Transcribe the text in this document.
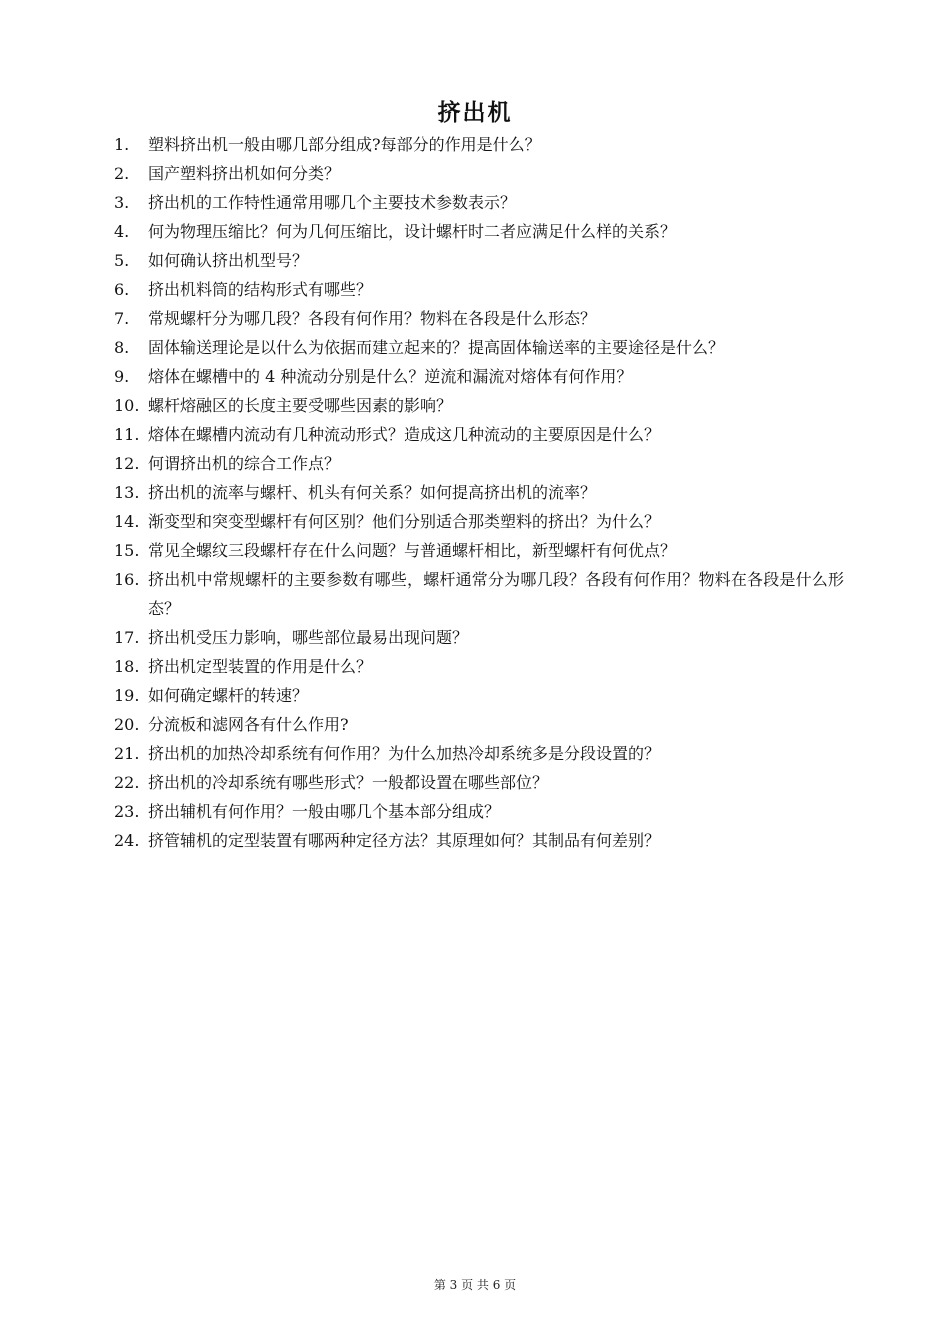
挤出机
1.	塑料挤出机一般由哪几部分组成?每部分的作用是什么？
2.	国产塑料挤出机如何分类？
3.	挤出机的工作特性通常用哪几个主要技术参数表示？
4.	何为物理压缩比？何为几何压缩比，设计螺杆时二者应满足什么样的关系？
5.	如何确认挤出机型号？
6.	挤出机料筒的结构形式有哪些？
7.	常规螺杆分为哪几段？各段有何作用？物料在各段是什么形态？
8.	固体输送理论是以什么为依据而建立起来的？提高固体输送率的主要途径是什么？
9.	熔体在螺槽中的 4 种流动分别是什么？逆流和漏流对熔体有何作用？
10. 螺杆熔融区的长度主要受哪些因素的影响？
11. 熔体在螺槽内流动有几种流动形式？造成这几种流动的主要原因是什么？
12. 何谓挤出机的综合工作点？
13. 挤出机的流率与螺杆、机头有何关系？如何提高挤出机的流率？
14. 渐变型和突变型螺杆有何区别？他们分别适合那类塑料的挤出？为什么？
15. 常见全螺纹三段螺杆存在什么问题？与普通螺杆相比，新型螺杆有何优点？
16. 挤出机中常规螺杆的主要参数有哪些，螺杆通常分为哪几段？各段有何作用？物料在各段是什么形态？
17. 挤出机受压力影响，哪些部位最易出现问题？
18. 挤出机定型装置的作用是什么？
19. 如何确定螺杆的转速？
20. 分流板和滤网各有什么作用?
21. 挤出机的加热冷却系统有何作用？为什么加热冷却系统多是分段设置的？
22. 挤出机的冷却系统有哪些形式？一般都设置在哪些部位？
23. 挤出辅机有何作用？一般由哪几个基本部分组成？
24. 挤管辅机的定型装置有哪两种定径方法？其原理如何？其制品有何差别？
第 3 页 共 6 页
